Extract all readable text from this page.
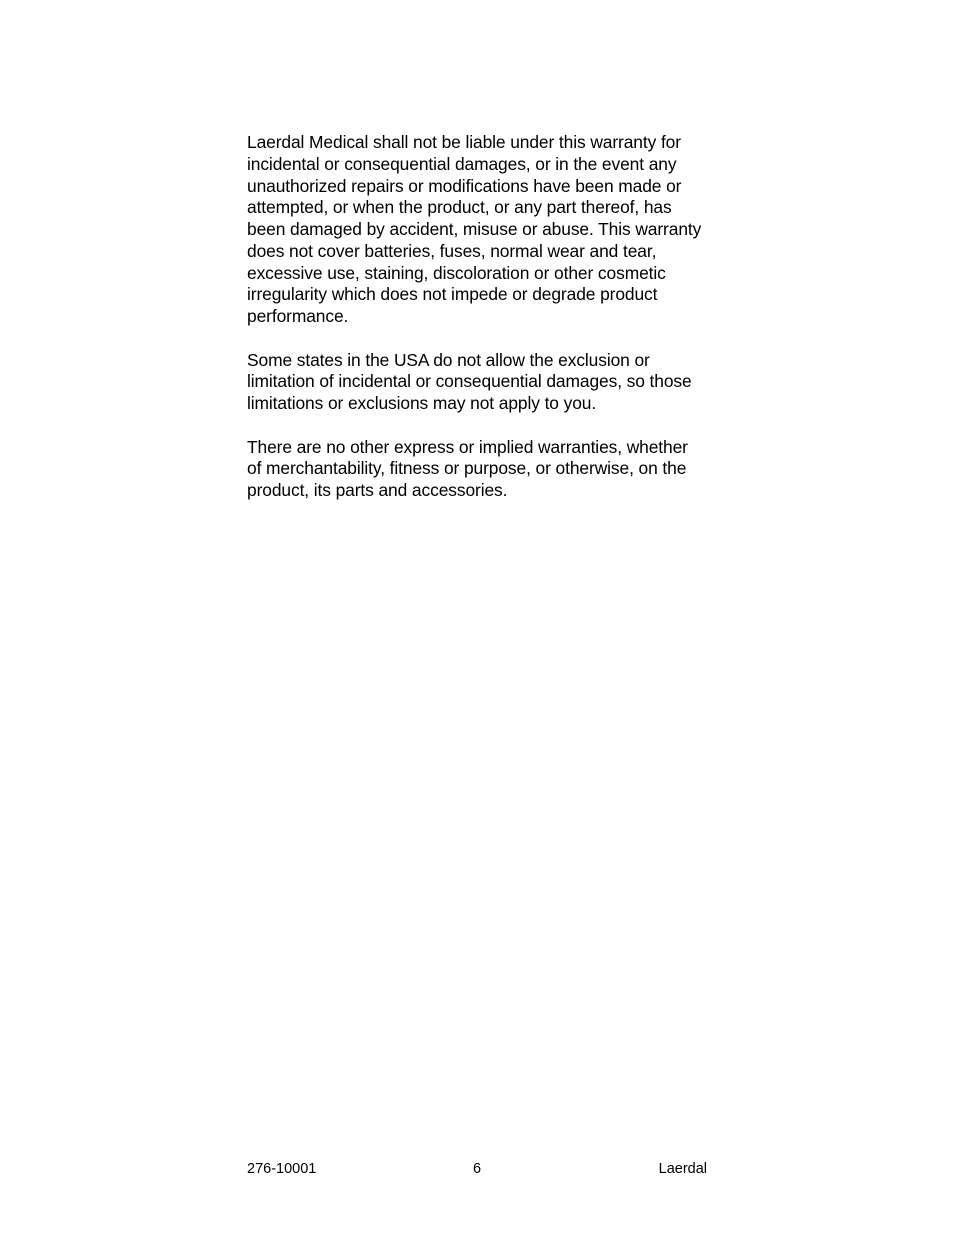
Laerdal Medical shall not be liable under this warranty for
incidental or consequential damages, or in the event any
unauthorized repairs or modifications have been made or
attempted, or when the product, or any part thereof, has
been damaged by accident, misuse or abuse. This warranty
does not cover batteries, fuses, normal wear and tear,
excessive use, staining, discoloration or other cosmetic
irregularity which does not impede or degrade product
performance.

Some states in the USA do not allow the exclusion or
limitation of incidental or consequential damages, so those
limitations or exclusions may not apply to you.

There are no other express or implied warranties, whether
of merchantability, fitness or purpose, or otherwise, on the
product, its parts and accessories.

276-10001	6	Laerdal
